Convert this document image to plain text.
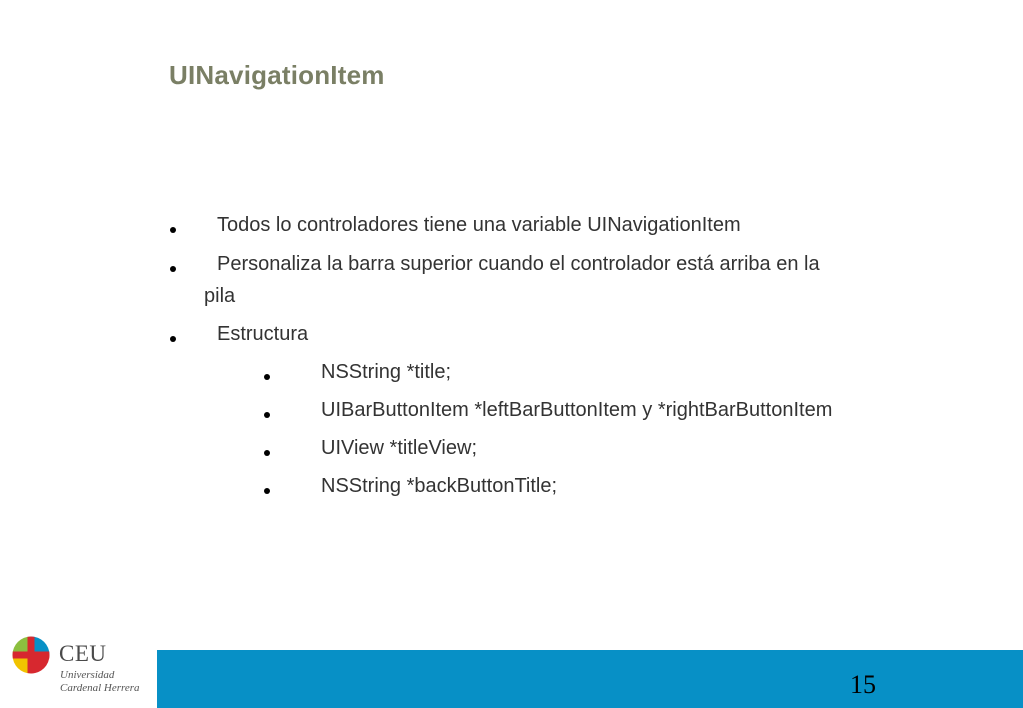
UINavigationItem
Todos lo controladores tiene una variable UINavigationItem
Personaliza la barra superior cuando el controlador está arriba en la
pila
Estructura
NSString *title;
UIBarButtonItem *leftBarButtonItem y *rightBarButtonItem
UIView *titleView;
NSString *backButtonTitle;
15
CEU
Universidad
Cardenal Herrera
